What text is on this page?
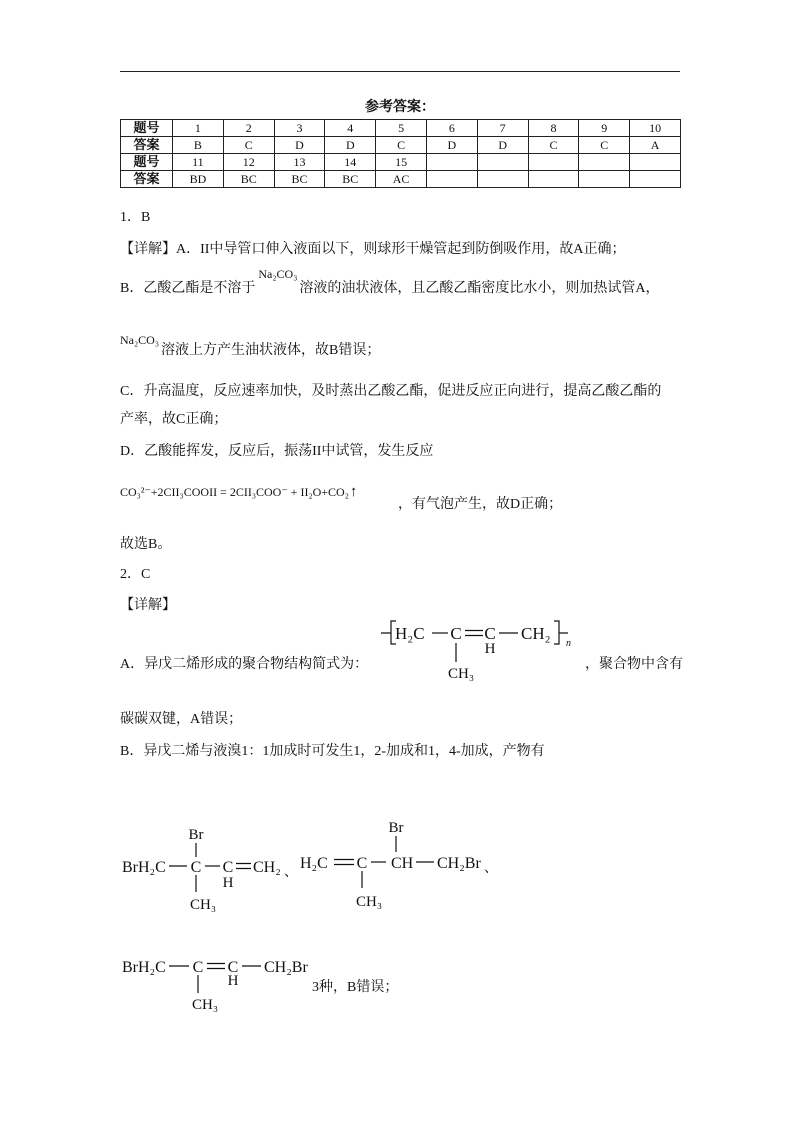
参考答案：
题号	1	2	3	4	5	6	7	8	9	10
答案	B	C	D	D	C	D	D	C	C	A
题号	11	12	13	14	15					
答案	BD	BC	BC	BC	AC					
1．B
【详解】A．II中导管口伸入液面以下，则球形干燥管起到防倒吸作用，故A正确；
B．乙酸乙酯是不溶于Na₂CO₃溶液的油状液体，且乙酸乙酯密度比水小，则加热试管A，
Na₂CO₃溶液上方产生油状液体，故B错误；
C．升高温度，反应速率加快，及时蒸出乙酸乙酯，促进反应正向进行，提高乙酸乙酯的
产率，故C正确；
D．乙酸能挥发，反应后，振荡II中试管，发生反应
CO₃²⁻+2CII₃COOII = 2CII₃COO⁻ + II₂O+CO₂↑
，有气泡产生，故D正确；
故选B。
2．C
【详解】
H₂C C C CH₂
n
H
CH₃
A．异戊二烯形成的聚合物结构简式为：	，聚合物中含有
碳碳双键，A错误；
B．异戊二烯与液溴1：1加成时可发生1，2-加成和1，4-加成，产物有
Br
BrH₂C C C CH₂ 、
H
CH₃
Br
H₂C C CH CH₂Br 、
CH₃
BrH₂C C C CH₂Br
H
CH₃
3种，B错误；
